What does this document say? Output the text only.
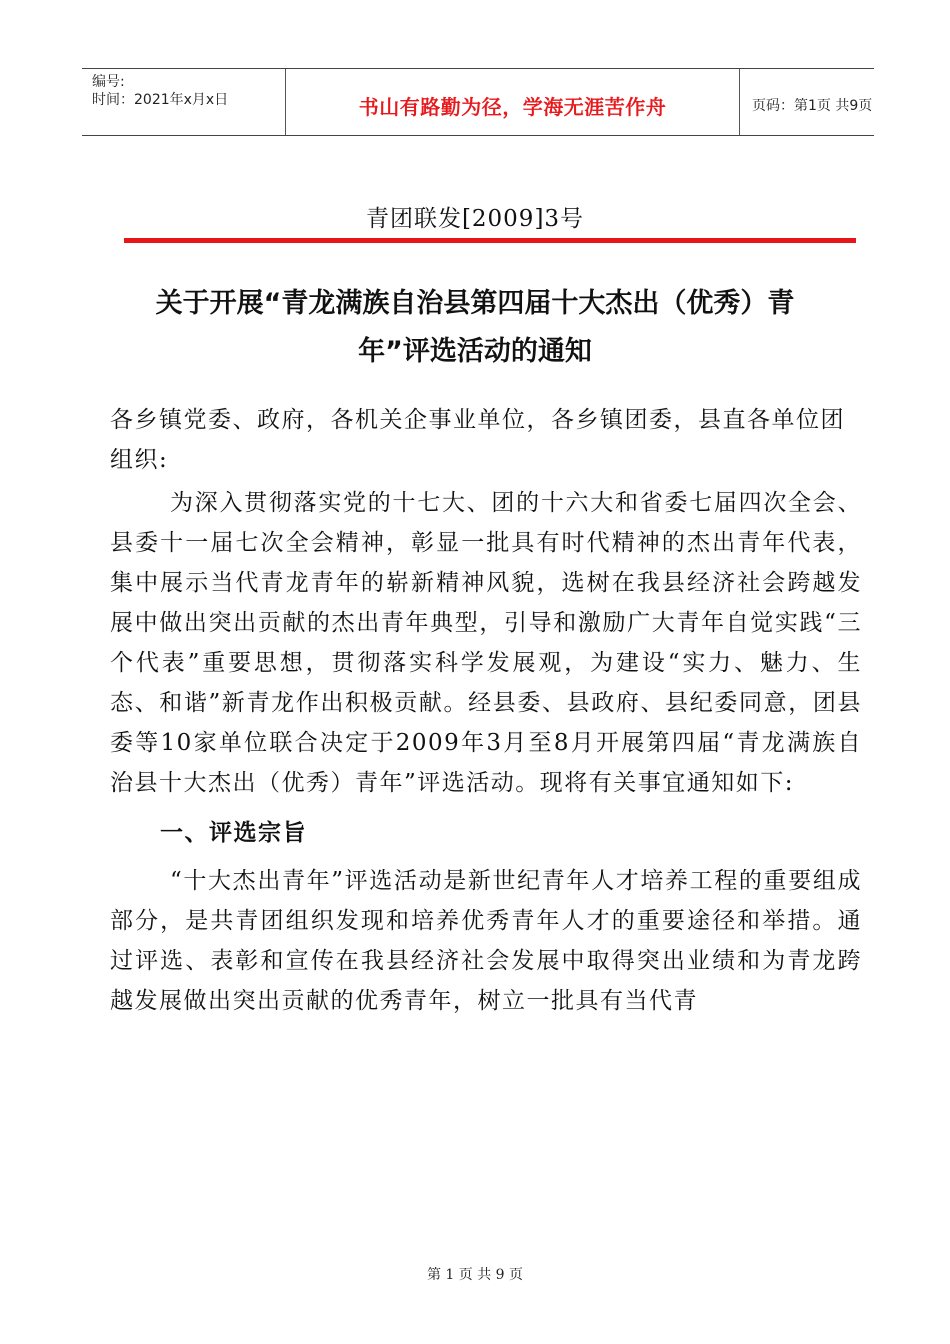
编号:
时间：2021年x月x日	书山有路勤为径，学海无涯苦作舟	页码：第1页 共9页
青团联发[2009]3号
关于开展“青龙满族自治县第四届十大杰出（优秀）青
年”评选活动的通知

各乡镇党委、政府，各机关企事业单位，各乡镇团委，县直各单位团组织:

为深入贯彻落实党的十七大、团的十六大和省委七届四次全会、县委十一届七次全会精神，彰显一批具有时代精神的杰出青年代表，集中展示当代青龙青年的崭新精神风貌，选树在我县经济社会跨越发展中做出突出贡献的杰出青年典型，引导和激励广大青年自觉实践“三个代表”重要思想，贯彻落实科学发展观，为建设“实力、魅力、生态、和谐”新青龙作出积极贡献。经县委、县政府、县纪委同意，团县委等10家单位联合决定于2009年3月至8月开展第四届“青龙满族自治县十大杰出（优秀）青年”评选活动。现将有关事宜通知如下:

一、评选宗旨

“十大杰出青年”评选活动是新世纪青年人才培养工程的重要组成部分，是共青团组织发现和培养优秀青年人才的重要途径和举措。通过评选、表彰和宣传在我县经济社会发展中取得突出业绩和为青龙跨越发展做出突出贡献的优秀青年，树立一批具有当代青

第 1 页 共 9 页
